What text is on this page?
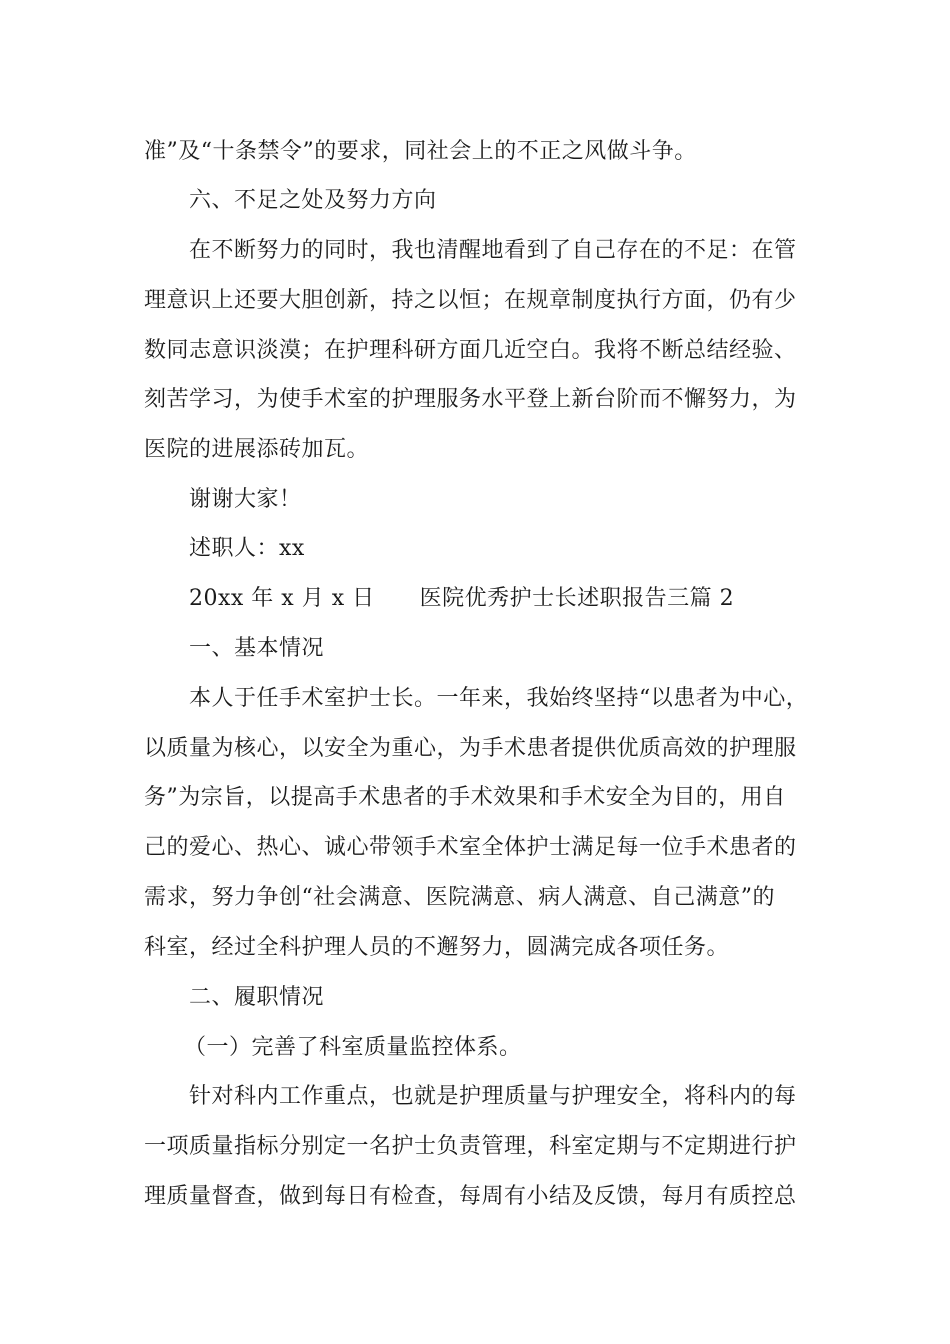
准”及“十条禁令”的要求，同社会上的不正之风做斗争。
六、不足之处及努力方向
在不断努力的同时，我也清醒地看到了自己存在的不足：在管
理意识上还要大胆创新，持之以恒；在规章制度执行方面，仍有少
数同志意识淡漠；在护理科研方面几近空白。我将不断总结经验、
刻苦学习，为使手术室的护理服务水平登上新台阶而不懈努力，为
医院的进展添砖加瓦。
谢谢大家！
述职人：xx
20xx 年 x 月 x 日　　医院优秀护士长述职报告三篇 2
一、基本情况
本人于任手术室护士长。一年来，我始终坚持“以患者为中心，
以质量为核心，以安全为重心，为手术患者提供优质高效的护理服
务”为宗旨，以提高手术患者的手术效果和手术安全为目的，用自
己的爱心、热心、诚心带领手术室全体护士满足每一位手术患者的
需求，努力争创“社会满意、医院满意、病人满意、自己满意”的
科室，经过全科护理人员的不邂努力，圆满完成各项任务。
二、履职情况
（一）完善了科室质量监控体系。
针对科内工作重点，也就是护理质量与护理安全，将科内的每
一项质量指标分别定一名护士负责管理，科室定期与不定期进行护
理质量督查，做到每日有检查，每周有小结及反馈，每月有质控总
